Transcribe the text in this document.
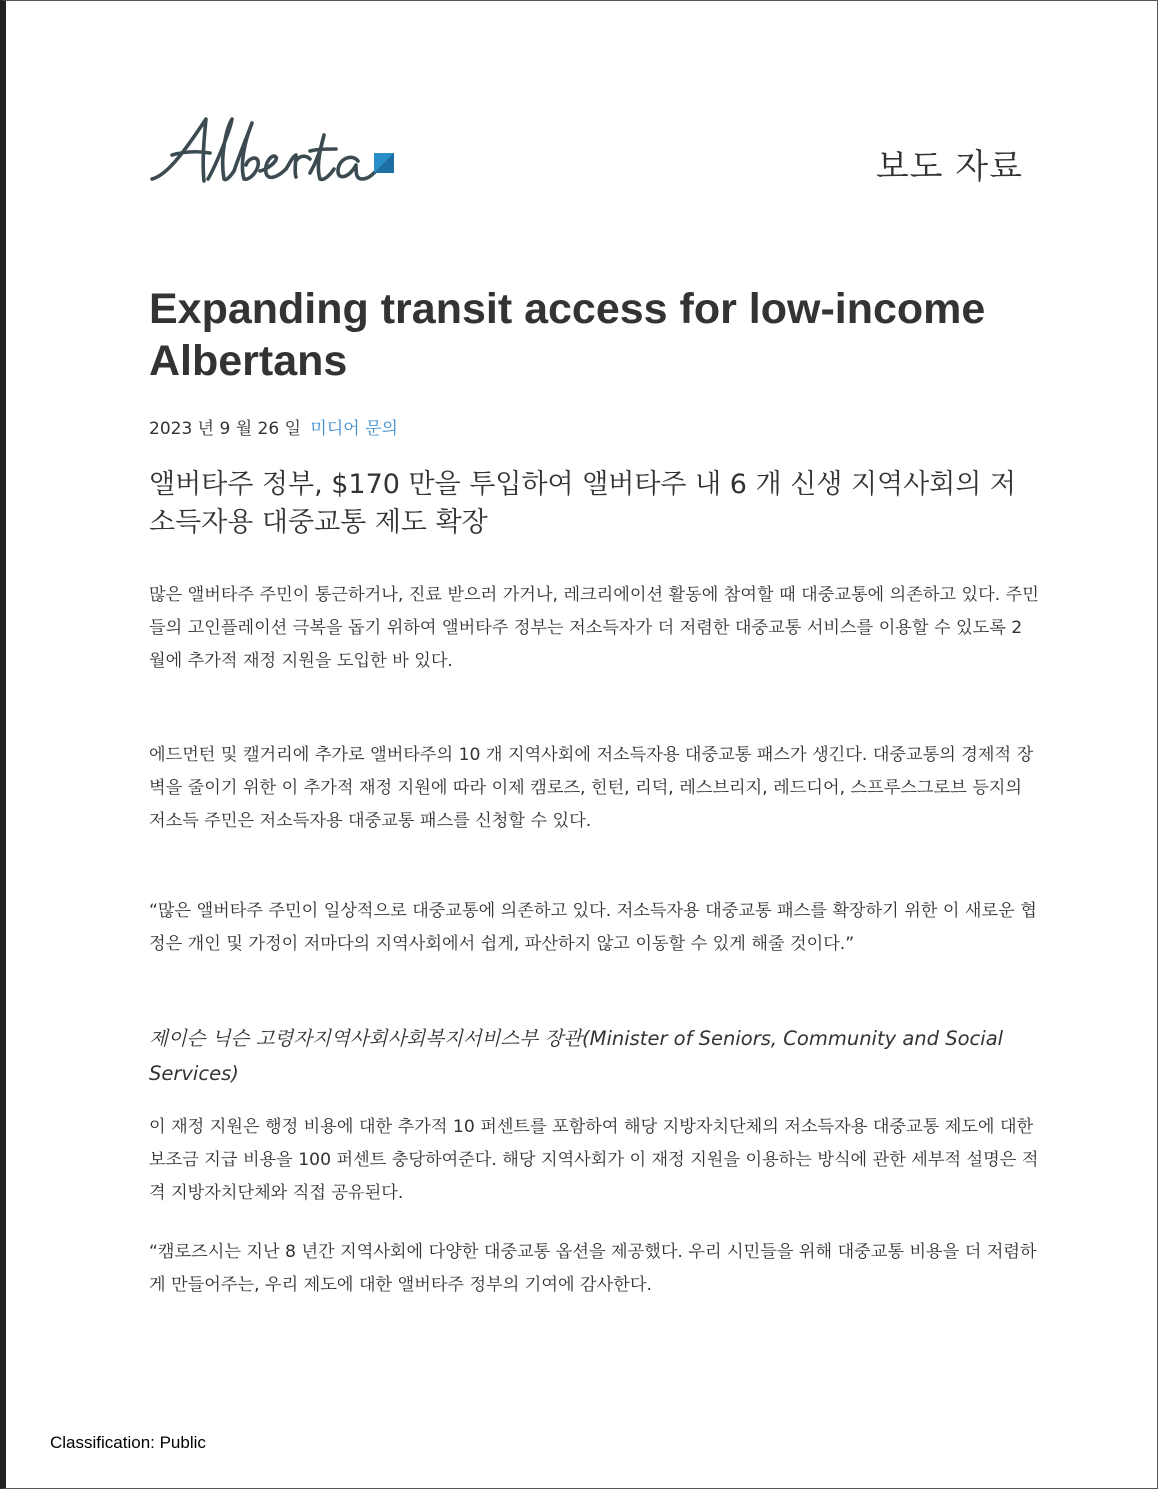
보도 자료
Expanding transit access for low-income Albertans
2023 년 9 월 26 일 미디어 문의
앨버타주 정부, $170 만을 투입하여 앨버타주 내 6 개 신생 지역사회의 저소득자용 대중교통 제도 확장

많은 앨버타주 주민이 통근하거나, 진료 받으러 가거나, 레크리에이션 활동에 참여할 때 대중교통에 의존하고 있다. 주민들의 고인플레이션 극복을 돕기 위하여 앨버타주 정부는 저소득자가 더 저렴한 대중교통 서비스를 이용할 수 있도록 2 월에 추가적 재정 지원을 도입한 바 있다.

에드먼턴 및 캘거리에 추가로 앨버타주의 10 개 지역사회에 저소득자용 대중교통 패스가 생긴다. 대중교통의 경제적 장벽을 줄이기 위한 이 추가적 재정 지원에 따라 이제 캠로즈, 힌턴, 리덕, 레스브리지, 레드디어, 스프루스그로브 등지의 저소득 주민은 저소득자용 대중교통 패스를 신청할 수 있다.

“많은 앨버타주 주민이 일상적으로 대중교통에 의존하고 있다. 저소득자용 대중교통 패스를 확장하기 위한 이 새로운 협정은 개인 및 가정이 저마다의 지역사회에서 쉽게, 파산하지 않고 이동할 수 있게 해줄 것이다.”

제이슨 닉슨 고령자지역사회사회복지서비스부 장관(Minister of Seniors, Community and Social Services)

이 재정 지원은 행정 비용에 대한 추가적 10 퍼센트를 포함하여 해당 지방자치단체의 저소득자용 대중교통 제도에 대한 보조금 지급 비용을 100 퍼센트 충당하여준다. 해당 지역사회가 이 재정 지원을 이용하는 방식에 관한 세부적 설명은 적격 지방자치단체와 직접 공유된다.

“캠로즈시는 지난 8 년간 지역사회에 다양한 대중교통 옵션을 제공했다. 우리 시민들을 위해 대중교통 비용을 더 저렴하게 만들어주는, 우리 제도에 대한 앨버타주 정부의 기여에 감사한다.

Classification: Public
